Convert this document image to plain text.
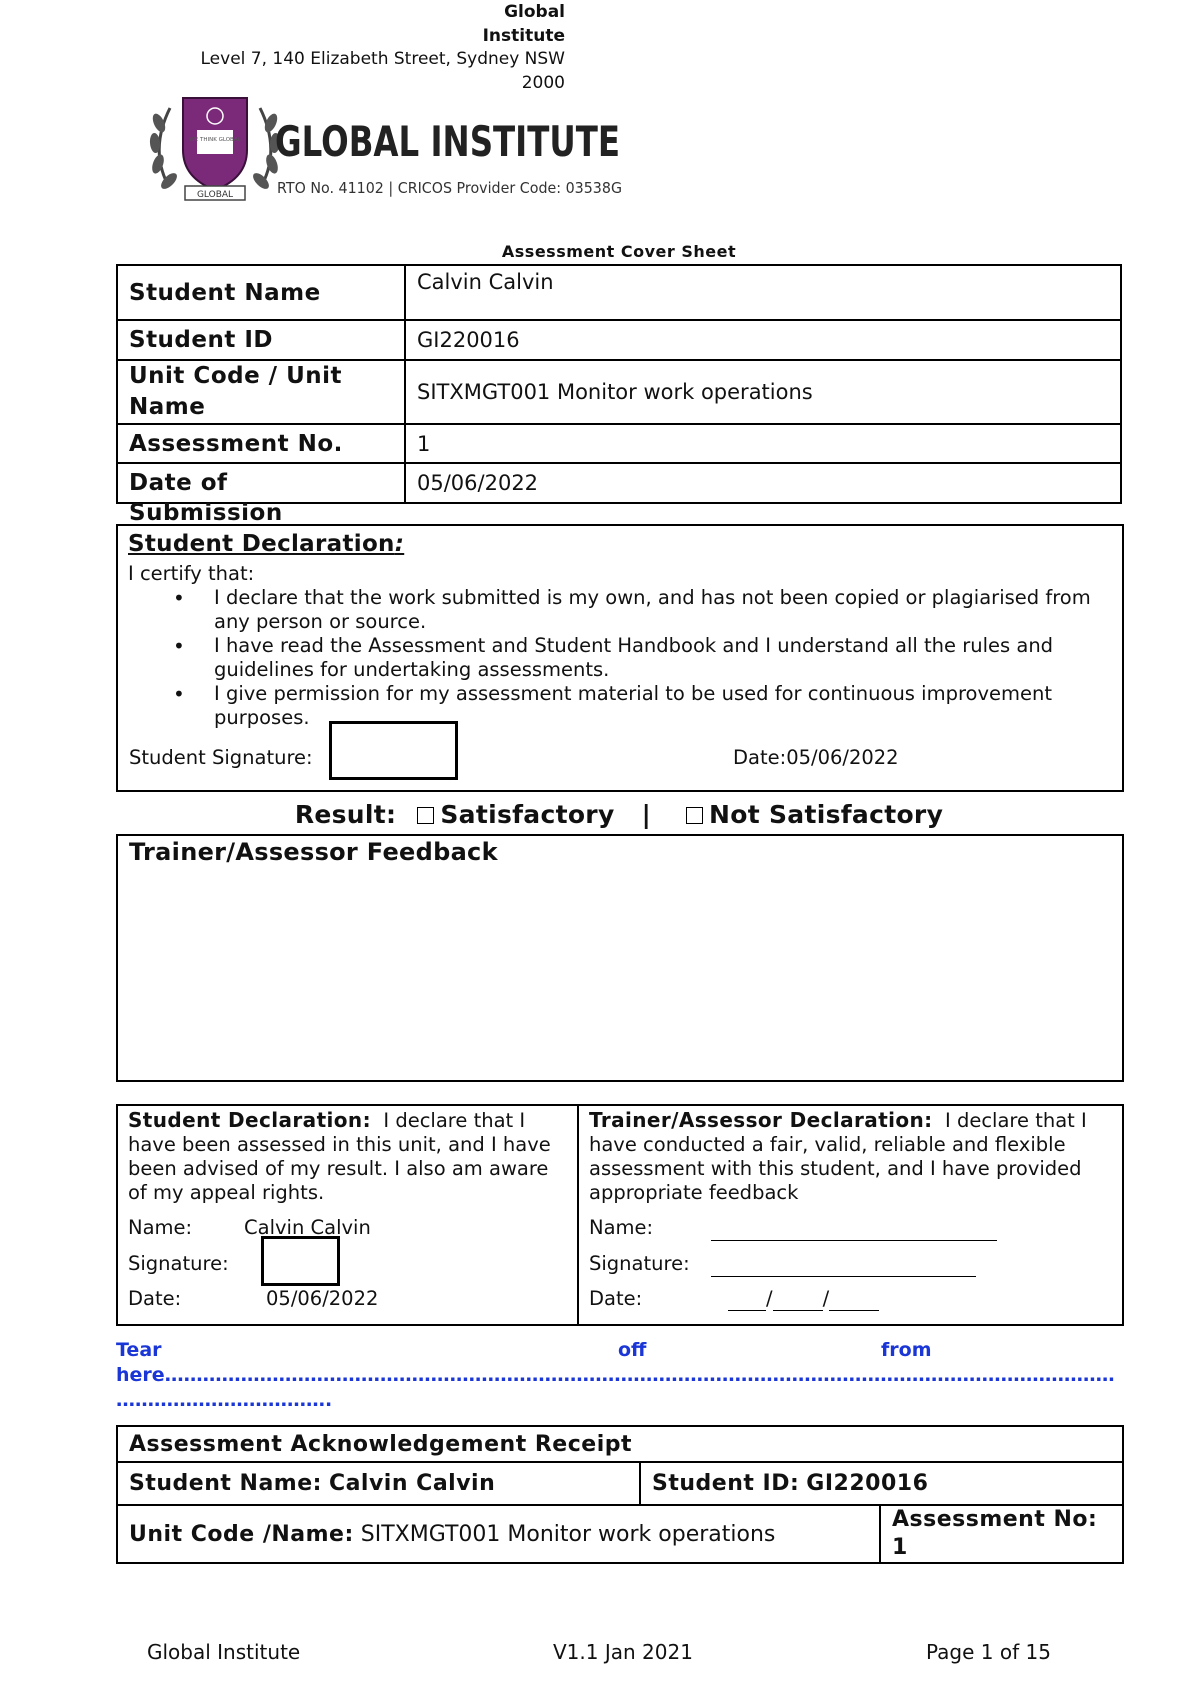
Global
Institute
Level 7, 140 Elizabeth Street, Sydney NSW
2000
WE THINK GLOBAL
GLOBAL
GLOBAL INSTITUTE
RTO No. 41102 | CRICOS Provider Code: 03538G
Assessment Cover Sheet
Student Name	Calvin Calvin
Student ID	GI220016
Unit Code / Unit Name	SITXMGT001 Monitor work operations
Assessment No.	1

Date of Submission	05/06/2022
Student Declaration:
I certify that:
• I declare that the work submitted is my own, and has not been copied or plagiarised from any person or source.
• I have read the Assessment and Student Handbook and I understand all the rules and guidelines for undertaking assessments.
• I give permission for my assessment material to be used for continuous improvement purposes.
Student Signature:	Date:05/06/2022
Result: Satisfactory | Not Satisfactory
Trainer/Assessor Feedback
Student Declaration: I declare that I have been assessed in this unit, and I have been advised of my result. I also am aware of my appeal rights.
Name:	Calvin Calvin
Signature:
Date:	05/06/2022
Trainer/Assessor Declaration: I declare that I have conducted a fair, valid, reliable and flexible assessment with this student, and I have provided appropriate feedback
Name:
Signature:
Date:	/	/
Tear	off	from
here……………………………………………………………………………………………………………………………………
…………………………….
Assessment Acknowledgement Receipt		
Student Name: Calvin Calvin	Student ID: GI220016	
Unit Code /Name: SITXMGT001 Monitor work operations		Assessment No:
1
Global Institute	V1.1 Jan 2021	Page 1 of 15
